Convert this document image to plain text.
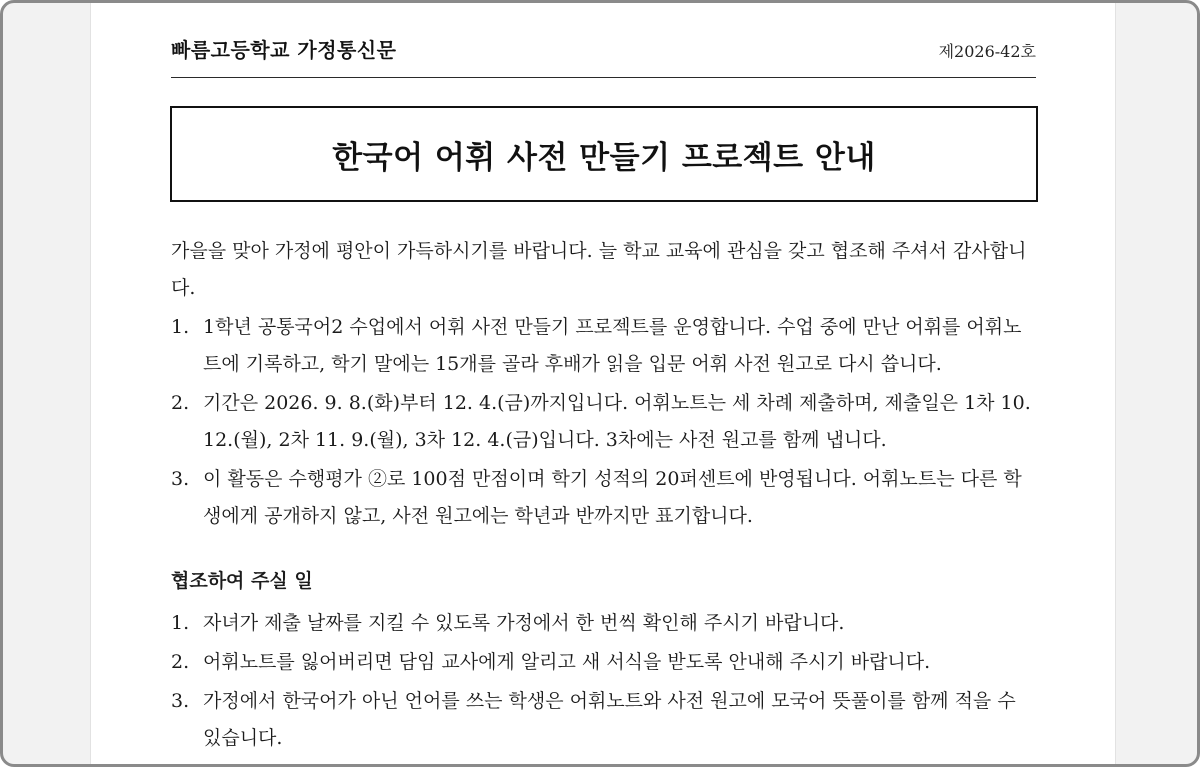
빠름고등학교 가정통신문	제2026-42호
한국어 어휘 사전 만들기 프로젝트 안내

가을을 맞아 가정에 평안이 가득하시기를 바랍니다. 늘 학교 교육에 관심을 갖고 협조해 주셔서 감사합니다.

1. 1학년 공통국어2 수업에서 어휘 사전 만들기 프로젝트를 운영합니다. 수업 중에 만난 어휘를 어휘노트에 기록하고, 학기 말에는 15개를 골라 후배가 읽을 입문 어휘 사전 원고로 다시 씁니다.
2. 기간은 2026. 9. 8.(화)부터 12. 4.(금)까지입니다. 어휘노트는 세 차례 제출하며, 제출일은 1차 10. 12.(월), 2차 11. 9.(월), 3차 12. 4.(금)입니다. 3차에는 사전 원고를 함께 냅니다.
3. 이 활동은 수행평가 ②로 100점 만점이며 학기 성적의 20퍼센트에 반영됩니다. 어휘노트는 다른 학생에게 공개하지 않고, 사전 원고에는 학년과 반까지만 표기합니다.
협조하여 주실 일
1. 자녀가 제출 날짜를 지킬 수 있도록 가정에서 한 번씩 확인해 주시기 바랍니다.
2. 어휘노트를 잃어버리면 담임 교사에게 알리고 새 서식을 받도록 안내해 주시기 바랍니다.
3. 가정에서 한국어가 아닌 언어를 쓰는 학생은 어휘노트와 사전 원고에 모국어 뜻풀이를 함께 적을 수 있습니다.
